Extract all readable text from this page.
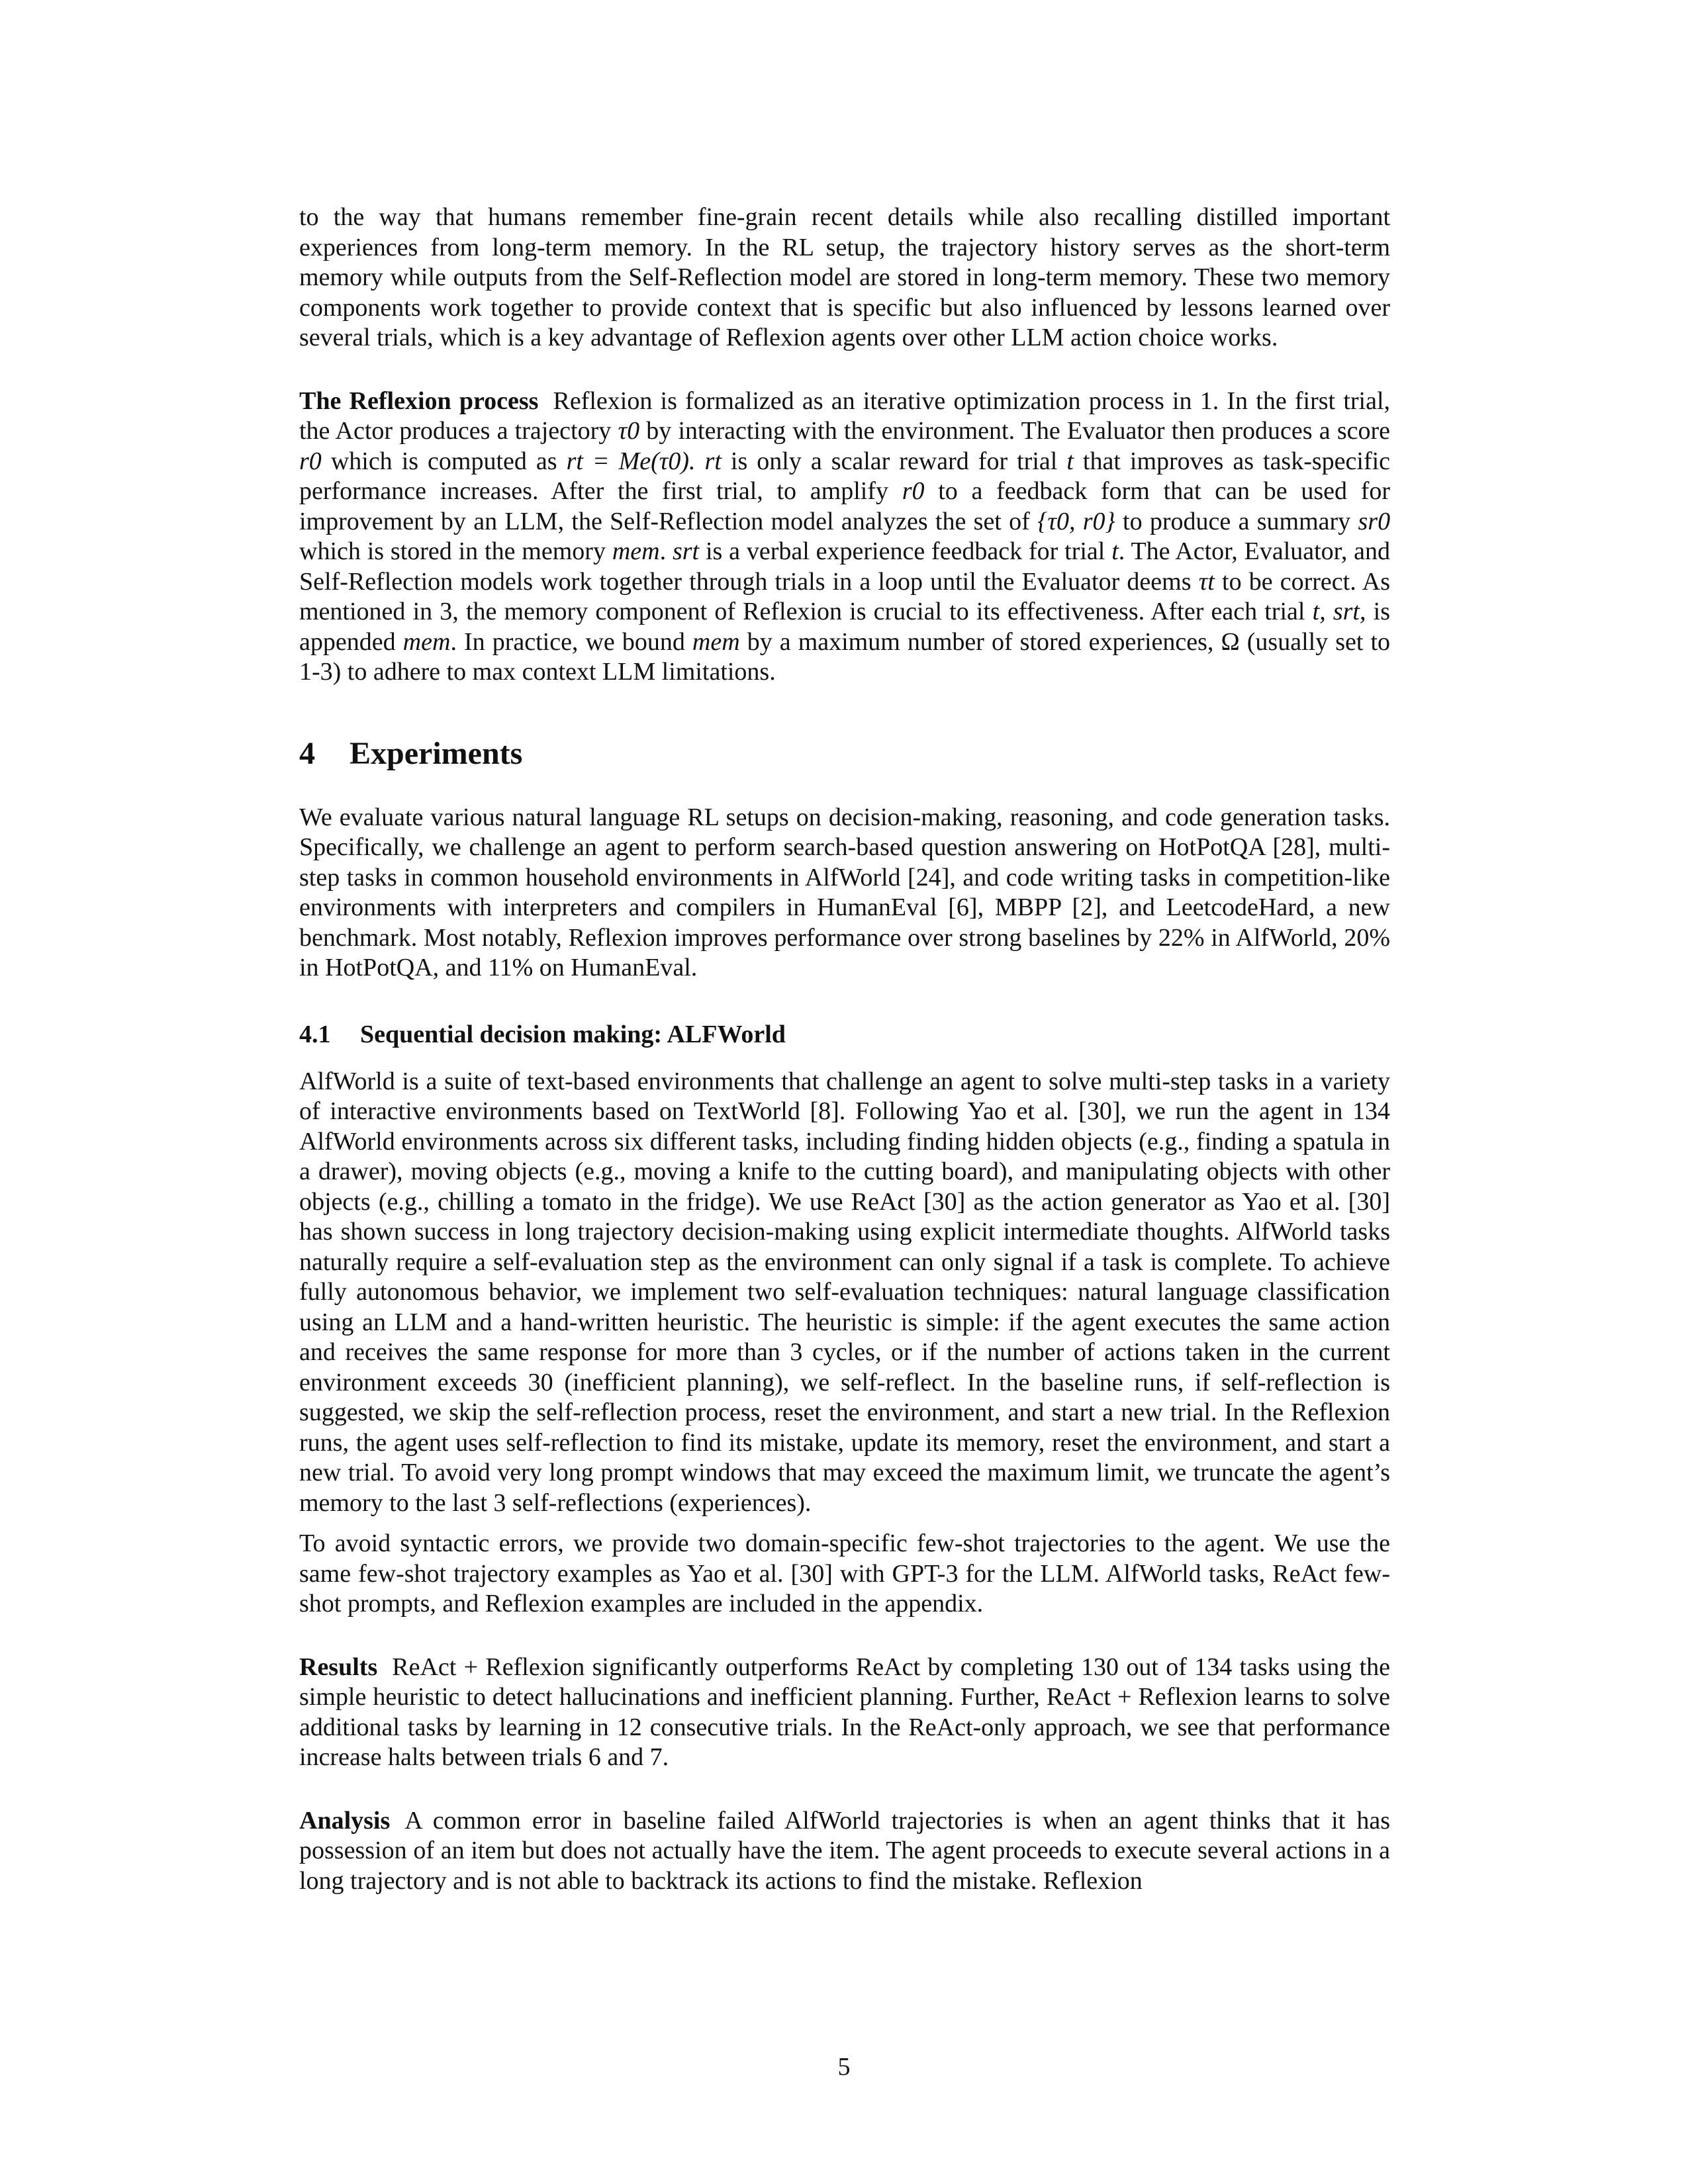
to the way that humans remember fine-grain recent details while also recalling distilled important experiences from long-term memory. In the RL setup, the trajectory history serves as the short-term memory while outputs from the Self-Reflection model are stored in long-term memory. These two memory components work together to provide context that is specific but also influenced by lessons learned over several trials, which is a key advantage of Reflexion agents over other LLM action choice works.

The Reflexion process Reflexion is formalized as an iterative optimization process in 1. In the first trial, the Actor produces a trajectory τ0 by interacting with the environment. The Evaluator then produces a score r0 which is computed as rt = Me(τ0). rt is only a scalar reward for trial t that improves as task-specific performance increases. After the first trial, to amplify r0 to a feedback form that can be used for improvement by an LLM, the Self-Reflection model analyzes the set of {τ0, r0} to produce a summary sr0 which is stored in the memory mem. srt is a verbal experience feedback for trial t. The Actor, Evaluator, and Self-Reflection models work together through trials in a loop until the Evaluator deems τt to be correct. As mentioned in 3, the memory component of Reflexion is crucial to its effectiveness. After each trial t, srt, is appended mem. In practice, we bound mem by a maximum number of stored experiences, Ω (usually set to 1-3) to adhere to max context LLM limitations.

4 Experiments

We evaluate various natural language RL setups on decision-making, reasoning, and code generation tasks. Specifically, we challenge an agent to perform search-based question answering on HotPotQA [28], multi-step tasks in common household environments in AlfWorld [24], and code writing tasks in competition-like environments with interpreters and compilers in HumanEval [6], MBPP [2], and LeetcodeHard, a new benchmark. Most notably, Reflexion improves performance over strong baselines by 22% in AlfWorld, 20% in HotPotQA, and 11% on HumanEval.

4.1 Sequential decision making: ALFWorld

AlfWorld is a suite of text-based environments that challenge an agent to solve multi-step tasks in a variety of interactive environments based on TextWorld [8]. Following Yao et al. [30], we run the agent in 134 AlfWorld environments across six different tasks, including finding hidden objects (e.g., finding a spatula in a drawer), moving objects (e.g., moving a knife to the cutting board), and manipulating objects with other objects (e.g., chilling a tomato in the fridge). We use ReAct [30] as the action generator as Yao et al. [30] has shown success in long trajectory decision-making using explicit intermediate thoughts. AlfWorld tasks naturally require a self-evaluation step as the environment can only signal if a task is complete. To achieve fully autonomous behavior, we implement two self-evaluation techniques: natural language classification using an LLM and a hand-written heuristic. The heuristic is simple: if the agent executes the same action and receives the same response for more than 3 cycles, or if the number of actions taken in the current environment exceeds 30 (inefficient planning), we self-reflect. In the baseline runs, if self-reflection is suggested, we skip the self-reflection process, reset the environment, and start a new trial. In the Reflexion runs, the agent uses self-reflection to find its mistake, update its memory, reset the environment, and start a new trial. To avoid very long prompt windows that may exceed the maximum limit, we truncate the agent’s memory to the last 3 self-reflections (experiences).

To avoid syntactic errors, we provide two domain-specific few-shot trajectories to the agent. We use the same few-shot trajectory examples as Yao et al. [30] with GPT-3 for the LLM. AlfWorld tasks, ReAct few-shot prompts, and Reflexion examples are included in the appendix.

Results ReAct + Reflexion significantly outperforms ReAct by completing 130 out of 134 tasks using the simple heuristic to detect hallucinations and inefficient planning. Further, ReAct + Reflexion learns to solve additional tasks by learning in 12 consecutive trials. In the ReAct-only approach, we see that performance increase halts between trials 6 and 7.

Analysis A common error in baseline failed AlfWorld trajectories is when an agent thinks that it has possession of an item but does not actually have the item. The agent proceeds to execute several actions in a long trajectory and is not able to backtrack its actions to find the mistake. Reflexion

5
